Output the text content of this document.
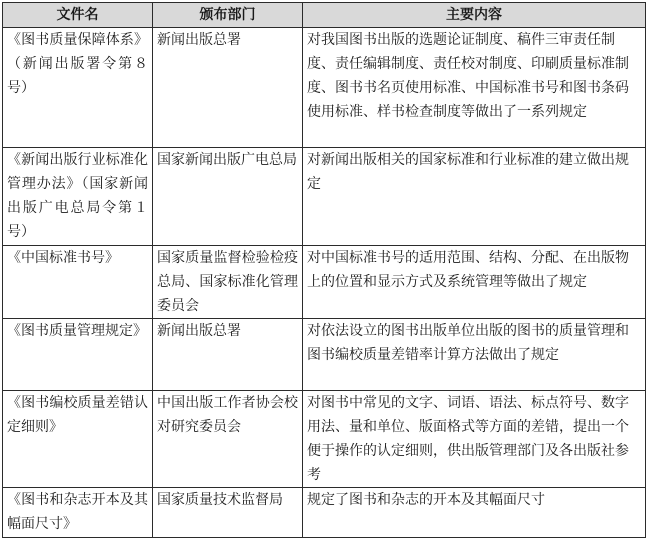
文件名	颁布部门	主要内容
《图书质量保障体系》（新闻出版署令第８号）	新闻出版总署	对我国图书出版的选题论证制度、稿件三审责任制度、责任编辑制度、责任校对制度、印刷质量标准制度、图书书名页使用标准、中国标准书号和图书条码使用标准、样书检查制度等做出了一系列规定
《新闻出版行业标准化管理办法》（国家新闻出版广电总局令第１号）	国家新闻出版广电总局	对新闻出版相关的国家标准和行业标准的建立做出规定
《中国标准书号》	国家质量监督检验检疫总局、国家标准化管理委员会	对中国标准书号的适用范围、结构、分配、在出版物上的位置和显示方式及系统管理等做出了规定
《图书质量管理规定》	新闻出版总署	对依法设立的图书出版单位出版的图书的质量管理和图书编校质量差错率计算方法做出了规定
《图书编校质量差错认定细则》	中国出版工作者协会校对研究委员会	对图书中常见的文字、词语、语法、标点符号、数字用法、量和单位、版面格式等方面的差错，提出一个便于操作的认定细则，供出版管理部门及各出版社参考
《图书和杂志开本及其幅面尺寸》	国家质量技术监督局	规定了图书和杂志的开本及其幅面尺寸
